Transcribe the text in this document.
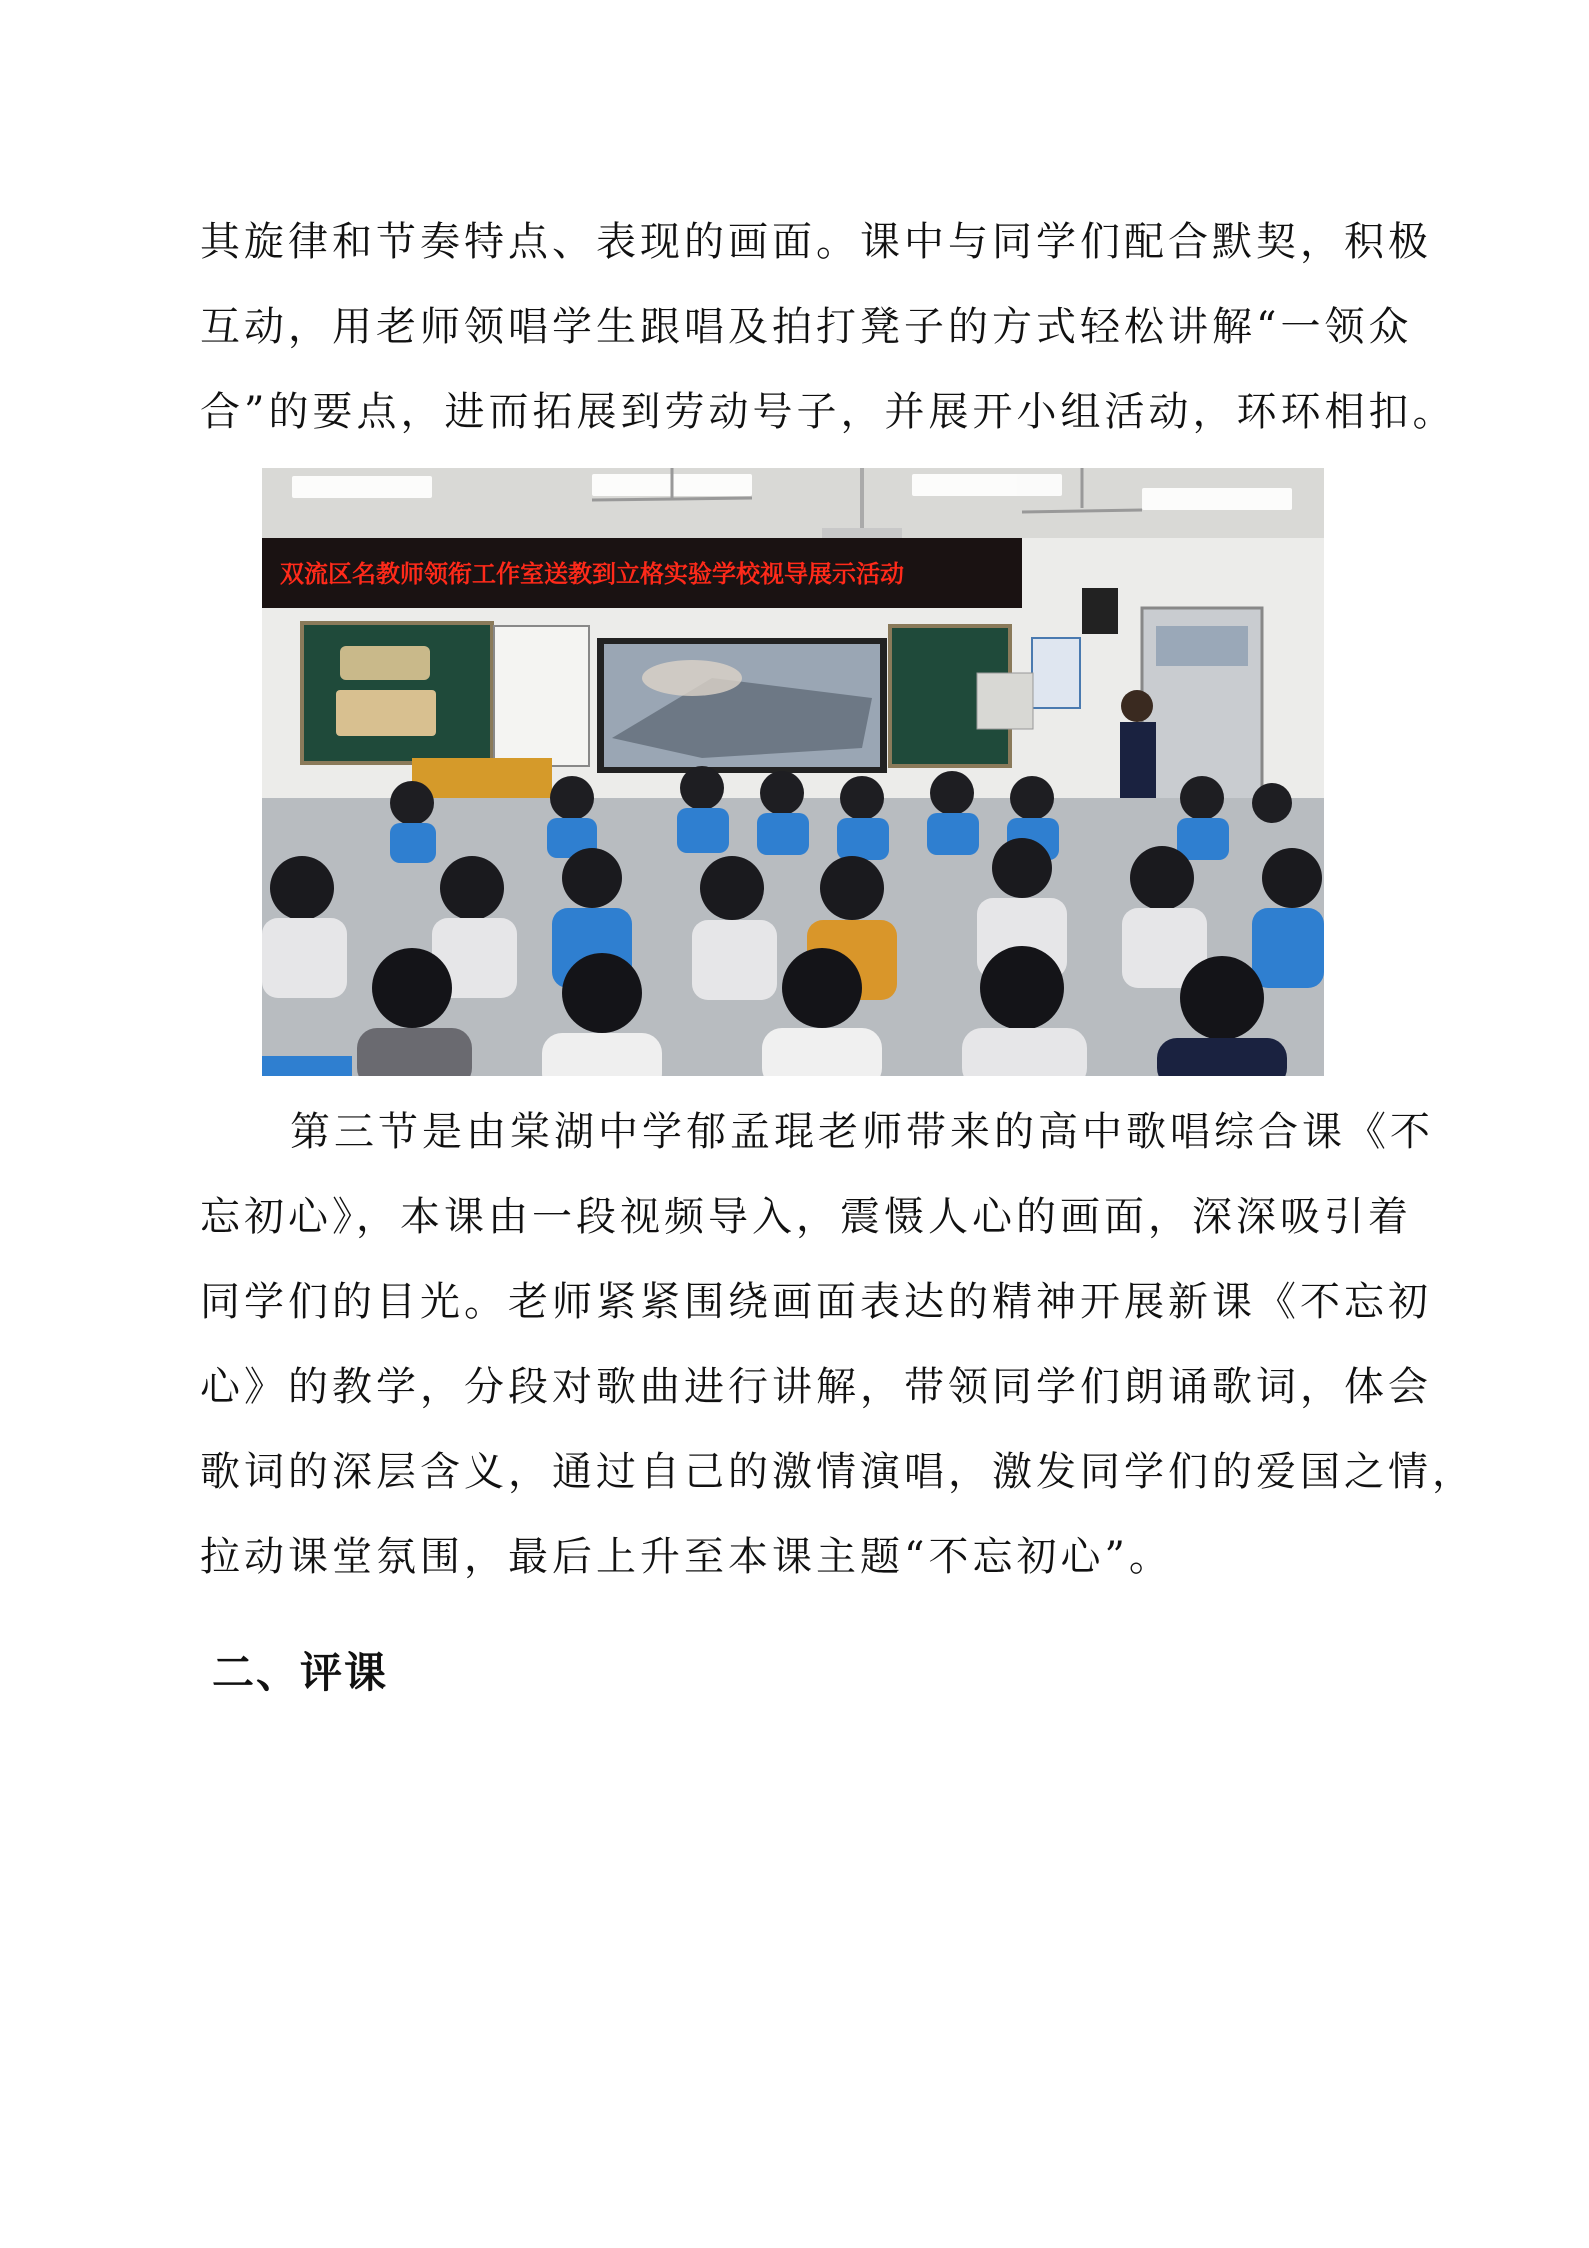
其旋律和节奏特点、表现的画面。课中与同学们配合默契，积极
互动，用老师领唱学生跟唱及拍打凳子的方式轻松讲解“一领众
合”的要点，进而拓展到劳动号子，并展开小组活动，环环相扣。

双流区名教师领衔工作室送教到立格实验学校视导展示活动

第三节是由棠湖中学郁孟琨老师带来的高中歌唱综合课《不
忘初心》，本课由一段视频导入，震慑人心的画面，深深吸引着
同学们的目光。老师紧紧围绕画面表达的精神开展新课《不忘初
心》的教学，分段对歌曲进行讲解，带领同学们朗诵歌词，体会
歌词的深层含义，通过自己的激情演唱，激发同学们的爱国之情，
拉动课堂氛围，最后上升至本课主题“不忘初心”。

二、评课
